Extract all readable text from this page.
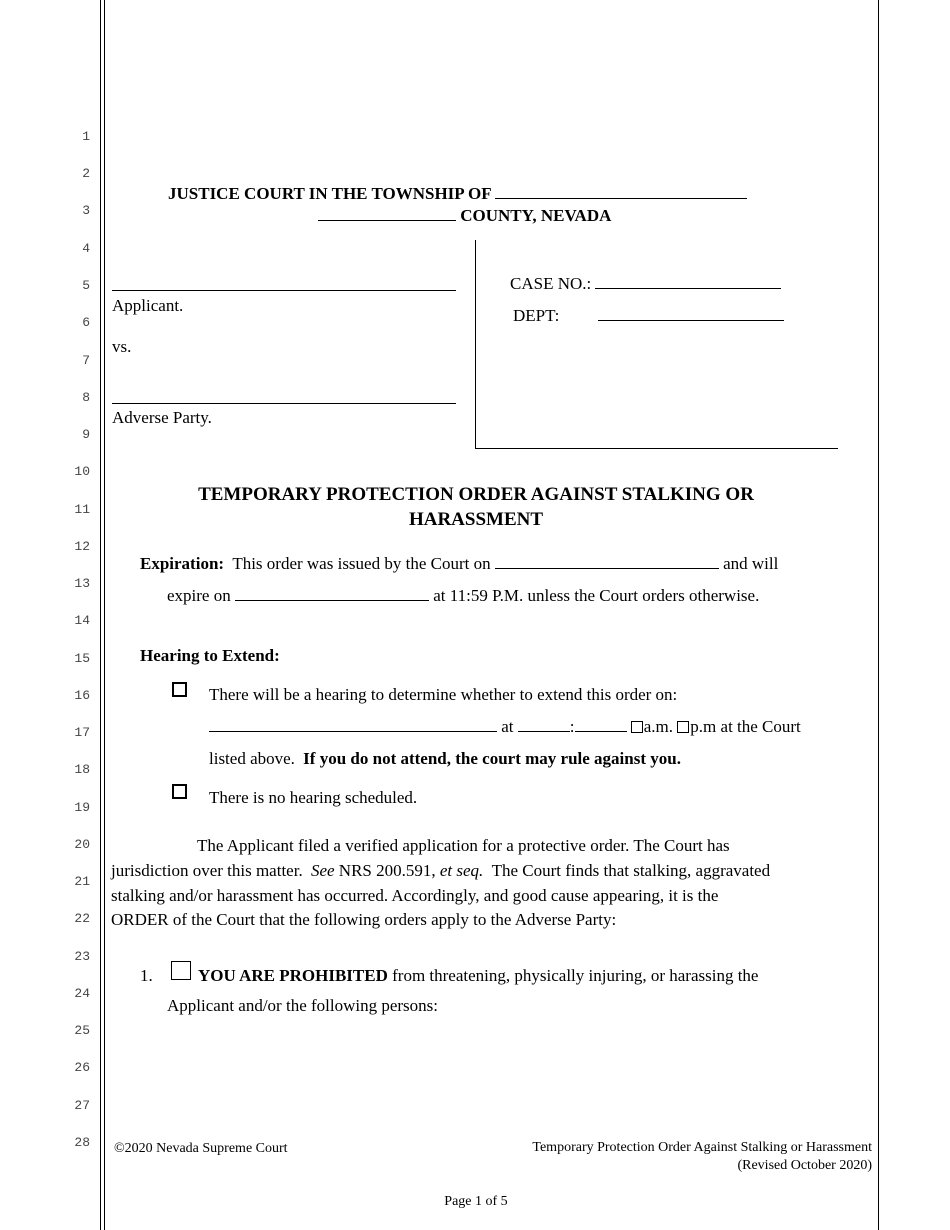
1
2
3
4
5
6
7
8
9
10
11
12
13
14
15
16
17
18
19
20
21
22
23
24
25
26
27
28
JUSTICE COURT IN THE TOWNSHIP OF
COUNTY, NEVADA
Applicant.
vs.
Adverse Party.
CASE NO.:
DEPT:
TEMPORARY PROTECTION ORDER AGAINST STALKING OR
HARASSMENT
Expiration: This order was issued by the Court on	and will
expire on	at 11:59 P.M. unless the Court orders otherwise.
Hearing to Extend:
There will be a hearing to determine whether to extend this order on:
at	:	a.m. p.m at the Court
listed above. If you do not attend, the court may rule against you.
There is no hearing scheduled.
The Applicant filed a verified application for a protective order. The Court has
jurisdiction over this matter. See NRS 200.591, et seq. The Court finds that stalking, aggravated
stalking and/or harassment has occurred. Accordingly, and good cause appearing, it is the
ORDER of the Court that the following orders apply to the Adverse Party:
1.	YOU ARE PROHIBITED from threatening, physically injuring, or harassing the
Applicant and/or the following persons:
©2020 Nevada Supreme Court	Temporary Protection Order Against Stalking or Harassment
(Revised October 2020)
Page 1 of 5
